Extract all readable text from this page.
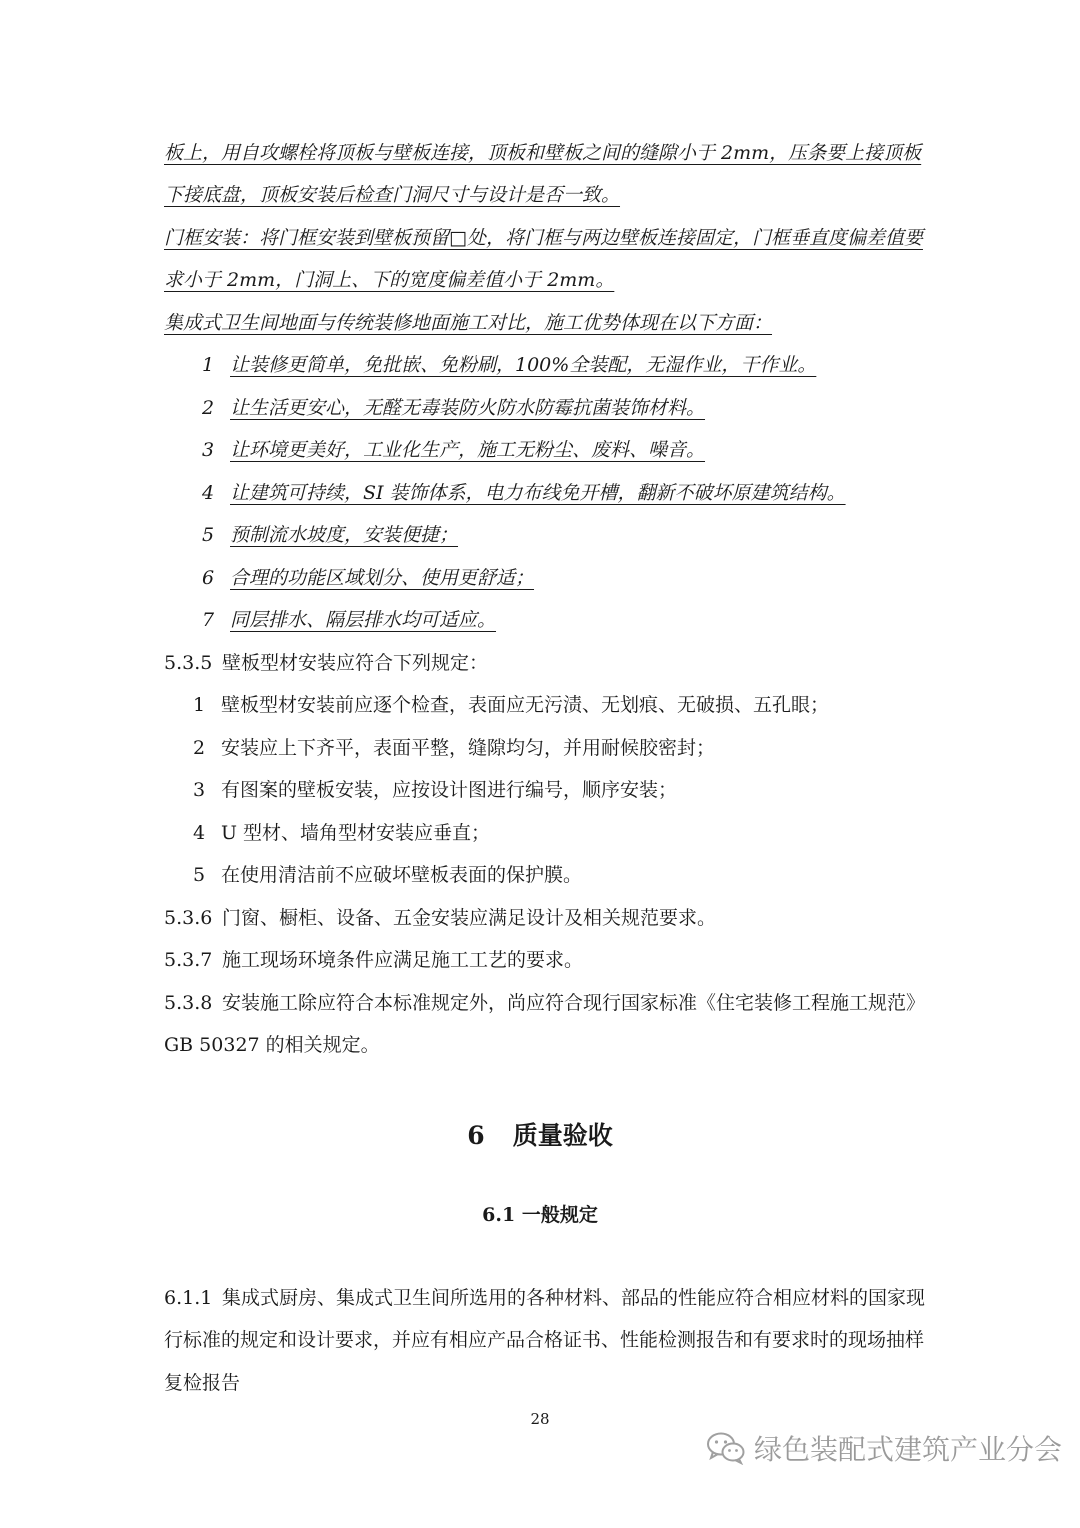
板上，用自攻螺栓将顶板与壁板连接，顶板和壁板之间的缝隙小于 2mm，压条要上接顶板
下接底盘，顶板安装后检查门洞尺寸与设计是否一致。
门框安装：将门框安装到壁板预留□处，将门框与两边壁板连接固定，门框垂直度偏差值要
求小于 2mm，门洞上、下的宽度偏差值小于 2mm。
集成式卫生间地面与传统装修地面施工对比，施工优势体现在以下方面：
1 让装修更简单，免批嵌、免粉刷，100%全装配，无湿作业，干作业。
2 让生活更安心，无醛无毒装防火防水防霉抗菌装饰材料。
3 让环境更美好，工业化生产，施工无粉尘、废料、噪音。
4 让建筑可持续，SI 装饰体系，电力布线免开槽，翻新不破坏原建筑结构。
5 预制流水坡度，安装便捷；
6 合理的功能区域划分、使用更舒适；
7 同层排水、隔层排水均可适应。
5.3.5 壁板型材安装应符合下列规定：
1 壁板型材安装前应逐个检查，表面应无污渍、无划痕、无破损、五孔眼；
2 安装应上下齐平，表面平整，缝隙均匀，并用耐候胶密封；
3 有图案的壁板安装，应按设计图进行编号，顺序安装；
4 U 型材、墙角型材安装应垂直；
5 在使用清洁前不应破坏壁板表面的保护膜。
5.3.6 门窗、橱柜、设备、五金安装应满足设计及相关规范要求。
5.3.7 施工现场环境条件应满足施工工艺的要求。
5.3.8 安装施工除应符合本标准规定外，尚应符合现行国家标准《住宅装修工程施工规范》
GB 50327 的相关规定。
6 质量验收
6.1 一般规定
6.1.1 集成式厨房、集成式卫生间所选用的各种材料、部品的性能应符合相应材料的国家现
行标准的规定和设计要求，并应有相应产品合格证书、性能检测报告和有要求时的现场抽样
复检报告
28
绿色装配式建筑产业分会
